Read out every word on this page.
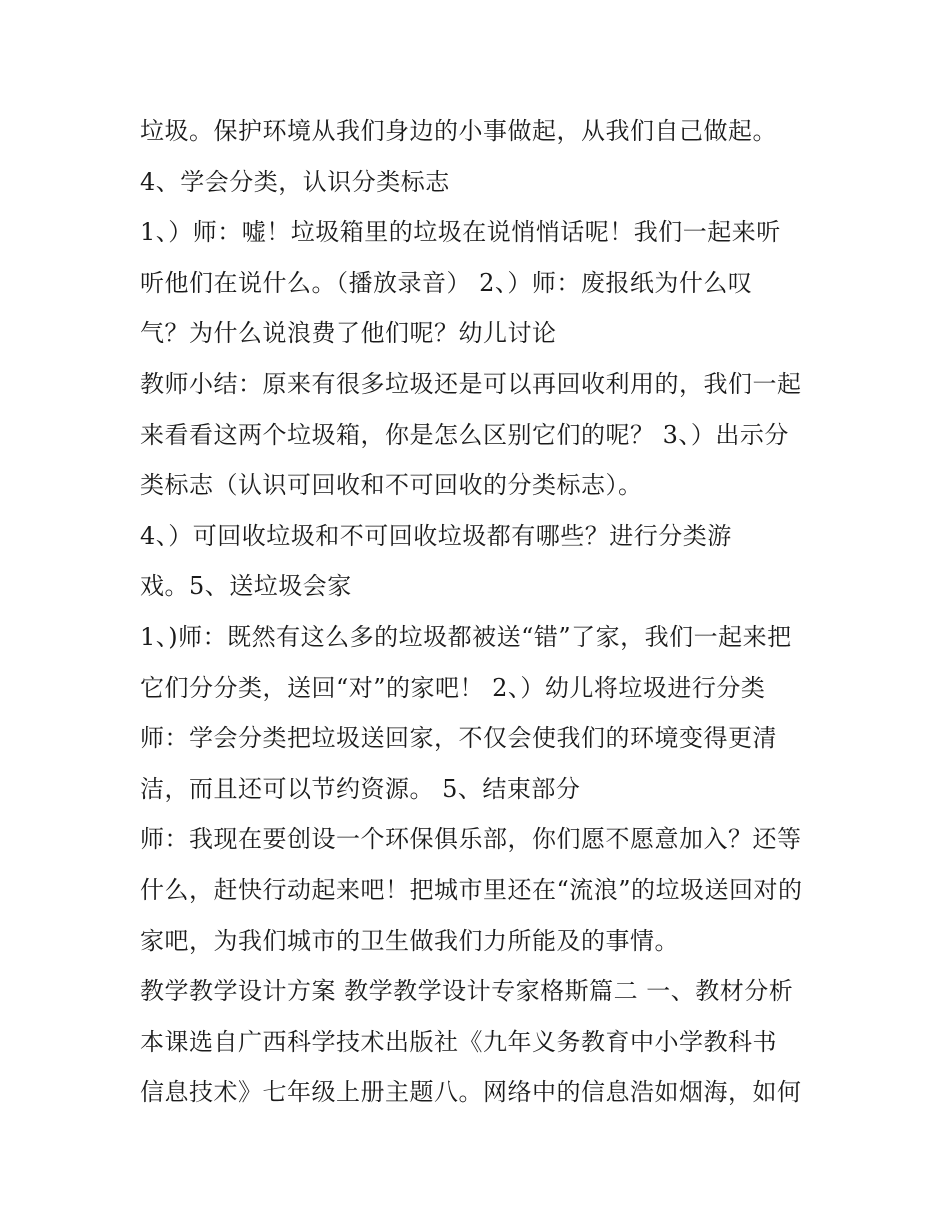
垃圾。保护环境从我们身边的小事做起，从我们自己做起。
4、学会分类，认识分类标志
1、）师：嘘！垃圾箱里的垃圾在说悄悄话呢！我们一起来听
听他们在说什么。（播放录音） 2、）师：废报纸为什么叹
气？为什么说浪费了他们呢？幼儿讨论
教师小结：原来有很多垃圾还是可以再回收利用的，我们一起
来看看这两个垃圾箱，你是怎么区别它们的呢？ 3、）出示分
类标志（认识可回收和不可回收的分类标志）。
4、）可回收垃圾和不可回收垃圾都有哪些？进行分类游
戏。5、送垃圾会家
1、)师：既然有这么多的垃圾都被送“错”了家，我们一起来把
它们分分类，送回“对”的家吧！ 2、）幼儿将垃圾进行分类
师：学会分类把垃圾送回家，不仅会使我们的环境变得更清
洁，而且还可以节约资源。 5、结束部分
师：我现在要创设一个环保俱乐部，你们愿不愿意加入？还等
什么，赶快行动起来吧！把城市里还在“流浪”的垃圾送回对的
家吧，为我们城市的卫生做我们力所能及的事情。
教学教学设计方案 教学教学设计专家格斯篇二 一、教材分析
本课选自广西科学技术出版社《九年义务教育中小学教科书
信息技术》七年级上册主题八。网络中的信息浩如烟海，如何
